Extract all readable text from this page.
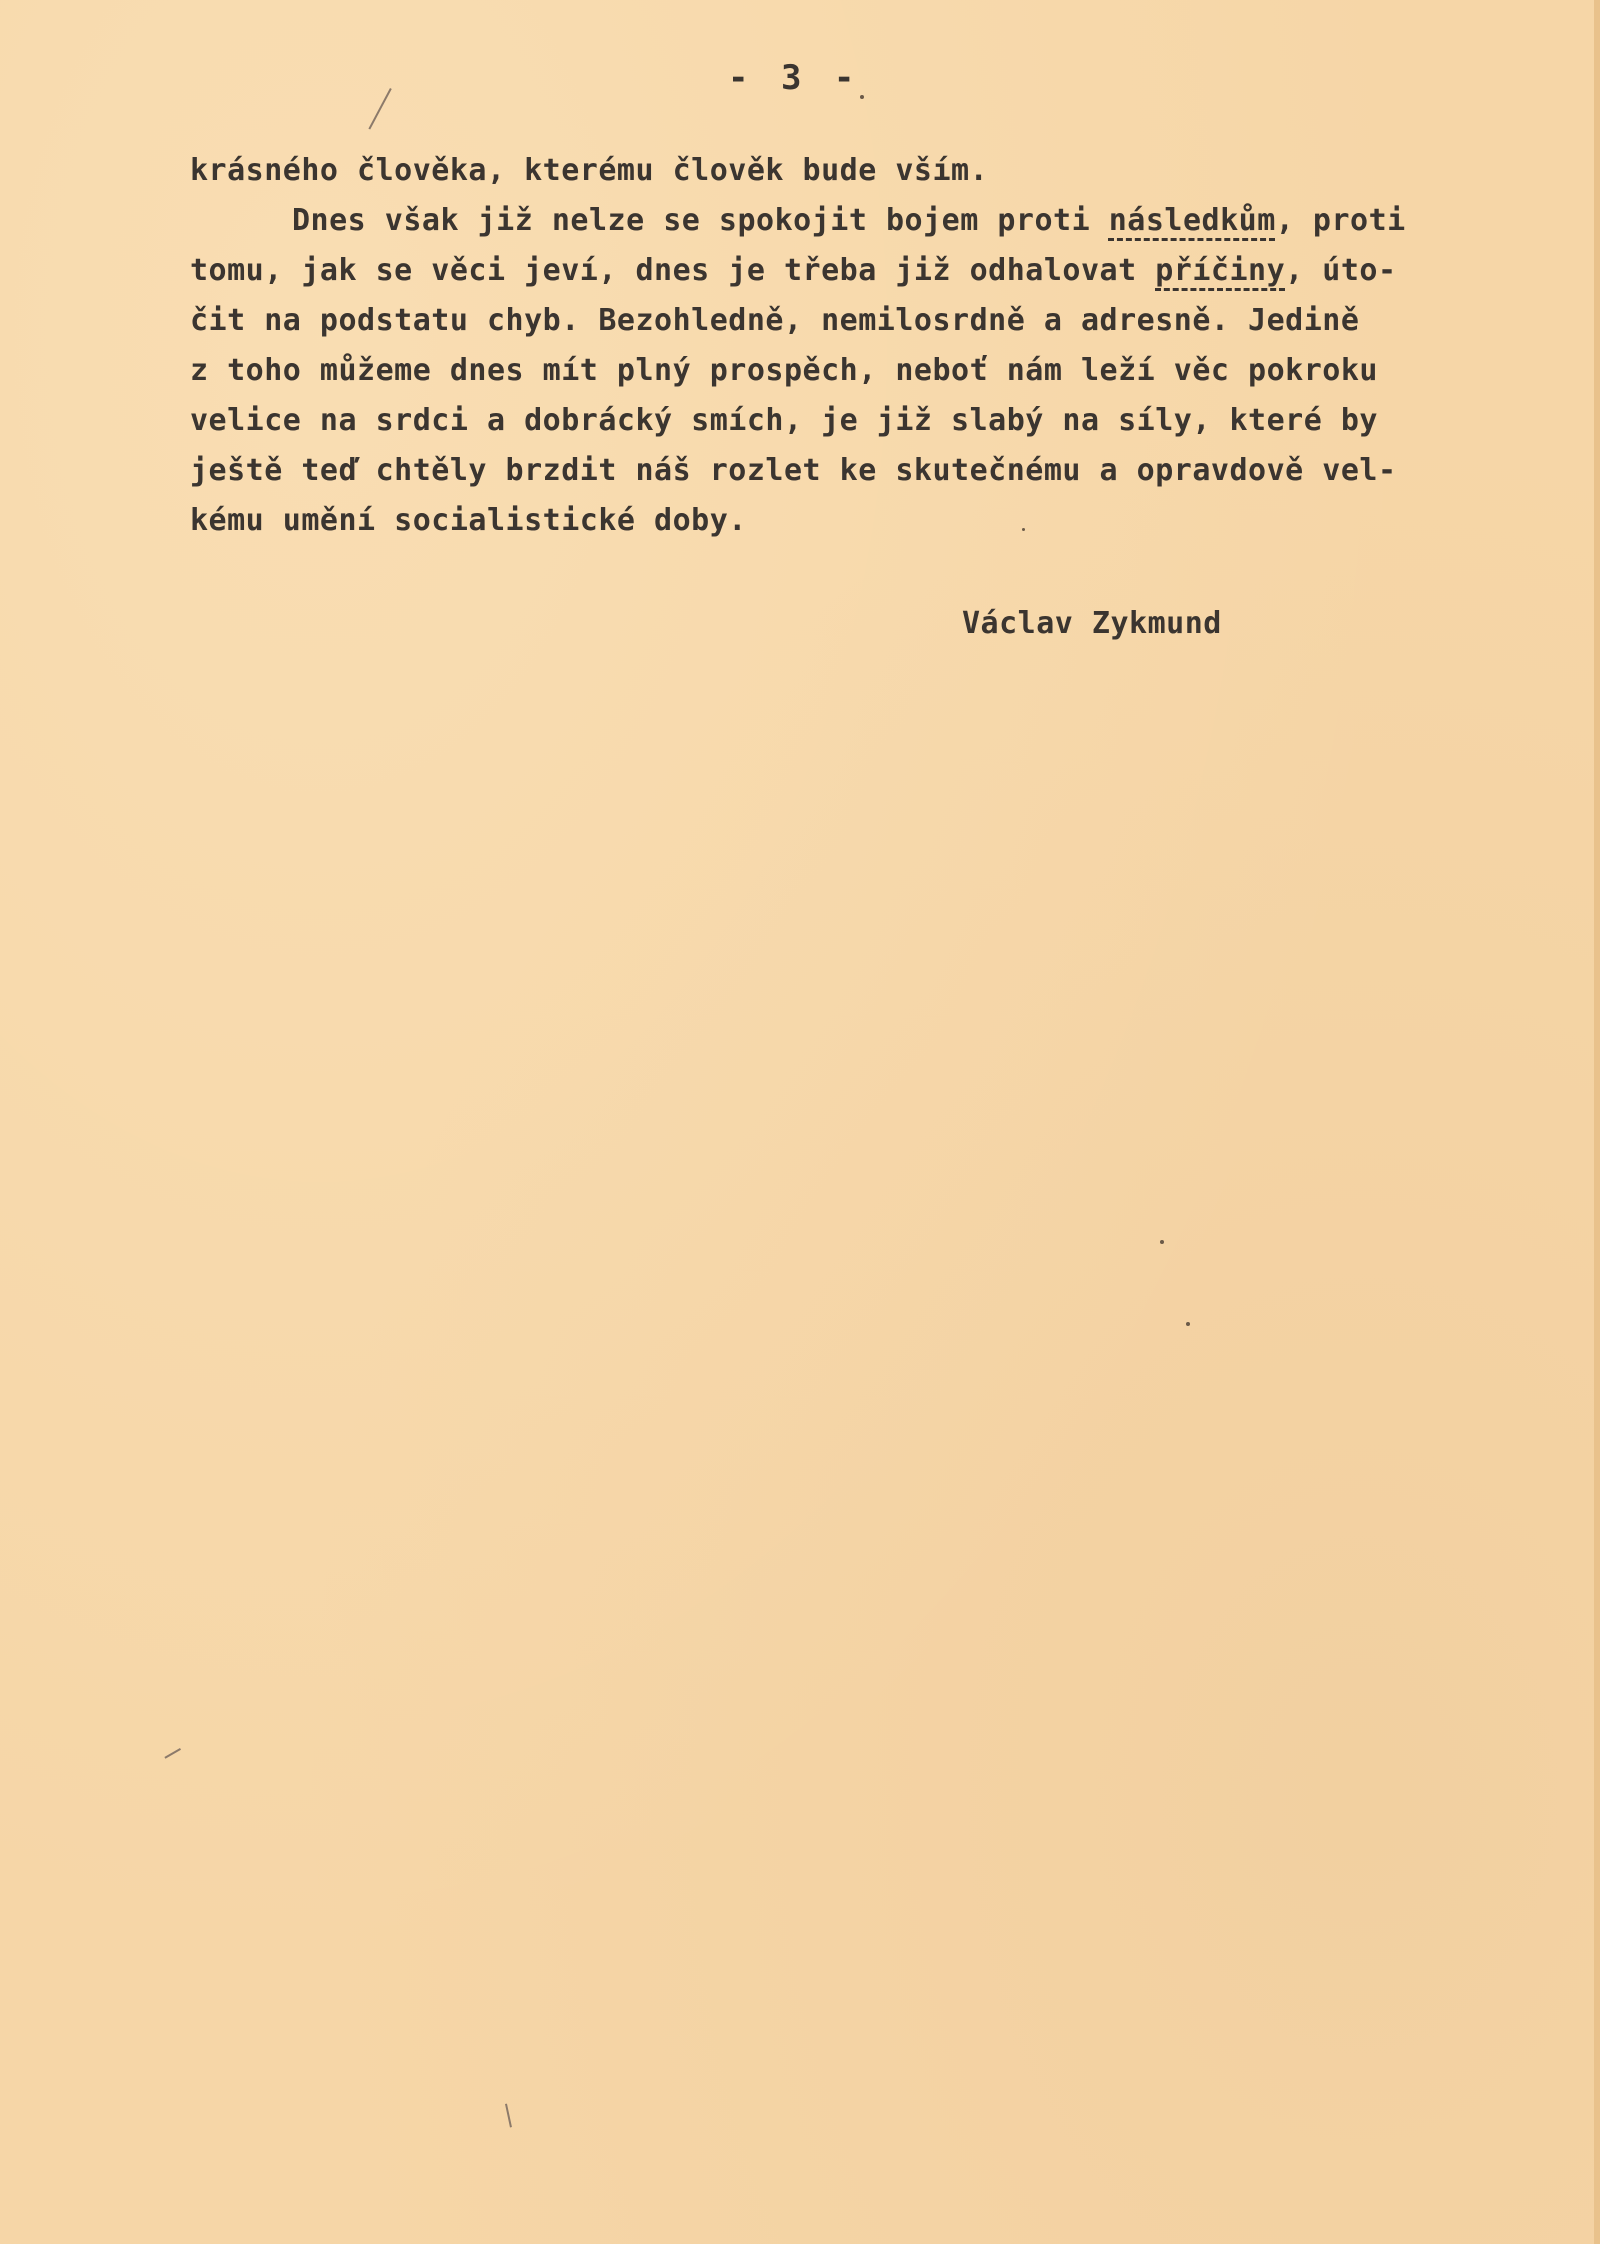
- 3 -
krásného člověka, kterému člověk bude vším.
Dnes však již nelze se spokojit bojem proti následkům, proti
tomu, jak se věci jeví, dnes je třeba již odhalovat příčiny, úto-
čit na podstatu chyb. Bezohledně, nemilosrdně a adresně. Jedině
z toho můžeme dnes mít plný prospěch, neboť nám leží věc pokroku
velice na srdci a dobrácký smích, je již slabý na síly, které by
ještě teď chtěly brzdit náš rozlet ke skutečnému a opravdově vel-
kému umění socialistické doby.
Václav Zykmund
